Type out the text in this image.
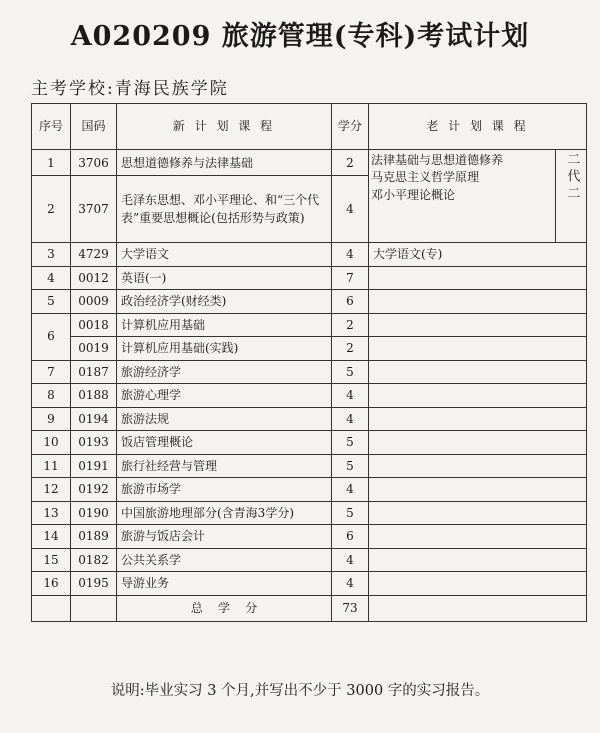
A020209 旅游管理(专科)考试计划
主考学校:青海民族学院
序号	国码	新 计 划 课 程	学分	老 计 划 课 程
1	3706	思想道德修养与法律基础	2	法律基础与思想道德修养
马克思主义哲学原理
邓小平理论概论 二代二

2	3707	毛泽东思想、邓小平理论、和“三个代表”重要思想概论(包括形势与政策)	4	
3	4729	大学语文	4	大学语文(专)
4	0012	英语(一)	7	
5	0009	政治经济学(财经类)	6	
6	0018	计算机应用基础	2	
	0019	计算机应用基础(实践)	2	
7	0187	旅游经济学	5	
8	0188	旅游心理学	4	
9	0194	旅游法规	4	
10	0193	饭店管理概论	5	
11	0191	旅行社经营与管理	5	
12	0192	旅游市场学	4	
13	0190	中国旅游地理部分(含青海3学分)	5	
14	0189	旅游与饭店会计	6	
15	0182	公共关系学	4	
16	0195	导游业务	4	
		总    学    分	73	
说明:毕业实习 3 个月,并写出不少于 3000 字的实习报告。
